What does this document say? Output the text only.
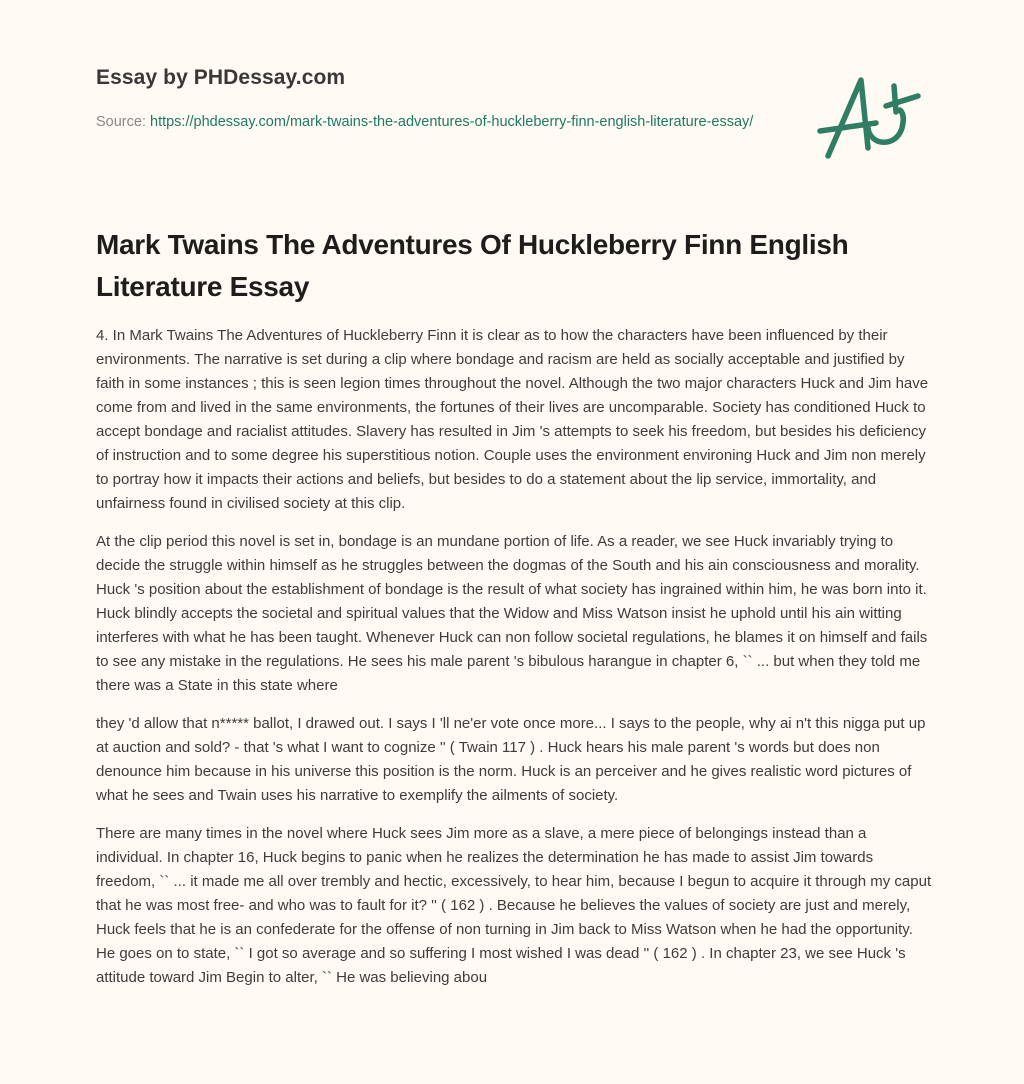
Essay by PHDessay.com
Source: https://phdessay.com/mark-twains-the-adventures-of-huckleberry-finn-english-literature-essay/
Mark Twains The Adventures Of Huckleberry Finn English Literature Essay

4. In Mark Twains The Adventures of Huckleberry Finn it is clear as to how the characters have been influenced by their environments. The narrative is set during a clip where bondage and racism are held as socially acceptable and justified by faith in some instances ; this is seen legion times throughout the novel. Although the two major characters Huck and Jim have come from and lived in the same environments, the fortunes of their lives are uncomparable. Society has conditioned Huck to accept bondage and racialist attitudes. Slavery has resulted in Jim 's attempts to seek his freedom, but besides his deficiency of instruction and to some degree his superstitious notion. Couple uses the environment environing Huck and Jim non merely to portray how it impacts their actions and beliefs, but besides to do a statement about the lip service, immortality, and unfairness found in civilised society at this clip.

At the clip period this novel is set in, bondage is an mundane portion of life. As a reader, we see Huck invariably trying to decide the struggle within himself as he struggles between the dogmas of the South and his ain consciousness and morality. Huck 's position about the establishment of bondage is the result of what society has ingrained within him, he was born into it. Huck blindly accepts the societal and spiritual values that the Widow and Miss Watson insist he uphold until his ain witting interferes with what he has been taught. Whenever Huck can non follow societal regulations, he blames it on himself and fails to see any mistake in the regulations. He sees his male parent 's bibulous harangue in chapter 6, `` ... but when they told me there was a State in this state where

they 'd allow that n***** ballot, I drawed out. I says I 'll ne'er vote once more... I says to the people, why ai n't this nigga put up at auction and sold? - that 's what I want to cognize '' ( Twain 117 ) . Huck hears his male parent 's words but does non denounce him because in his universe this position is the norm. Huck is an perceiver and he gives realistic word pictures of what he sees and Twain uses his narrative to exemplify the ailments of society.

There are many times in the novel where Huck sees Jim more as a slave, a mere piece of belongings instead than a individual. In chapter 16, Huck begins to panic when he realizes the determination he has made to assist Jim towards freedom, `` ... it made me all over trembly and hectic, excessively, to hear him, because I begun to acquire it through my caput that he was most free- and who was to fault for it? '' ( 162 ) . Because he believes the values of society are just and merely, Huck feels that he is an confederate for the offense of non turning in Jim back to Miss Watson when he had the opportunity. He goes on to state, `` I got so average and so suffering I most wished I was dead '' ( 162 ) . In chapter 23, we see Huck 's attitude toward Jim Begin to alter, `` He was believing abou
